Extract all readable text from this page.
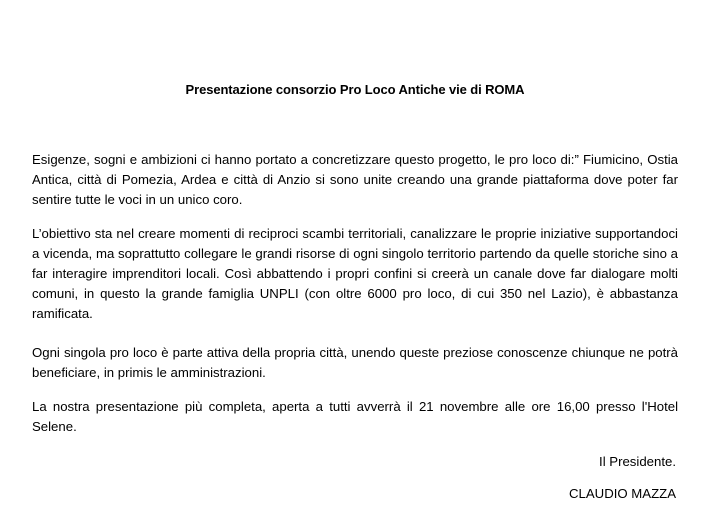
Presentazione consorzio Pro Loco Antiche vie di ROMA

Esigenze, sogni e ambizioni ci hanno portato a concretizzare questo progetto, le pro loco di:” Fiumicino, Ostia Antica, città di Pomezia, Ardea e città di Anzio si sono unite creando una grande piattaforma dove poter far sentire tutte le voci in un unico coro.

L’obiettivo sta nel creare momenti di reciproci scambi territoriali, canalizzare le proprie iniziative supportandoci a vicenda, ma soprattutto collegare le grandi risorse di ogni singolo territorio partendo da quelle storiche sino a far interagire imprenditori locali. Così abbattendo i propri confini si creerà un canale dove far dialogare molti comuni, in questo la grande famiglia UNPLI (con oltre 6000 pro loco, di cui 350 nel Lazio), è abbastanza ramificata.

Ogni singola pro loco è parte attiva della propria città, unendo queste preziose conoscenze chiunque ne potrà beneficiare, in primis le amministrazioni.

La nostra presentazione più completa, aperta a tutti avverrà il 21 novembre alle ore 16,00 presso l'Hotel Selene.

Il Presidente.
CLAUDIO MAZZA
